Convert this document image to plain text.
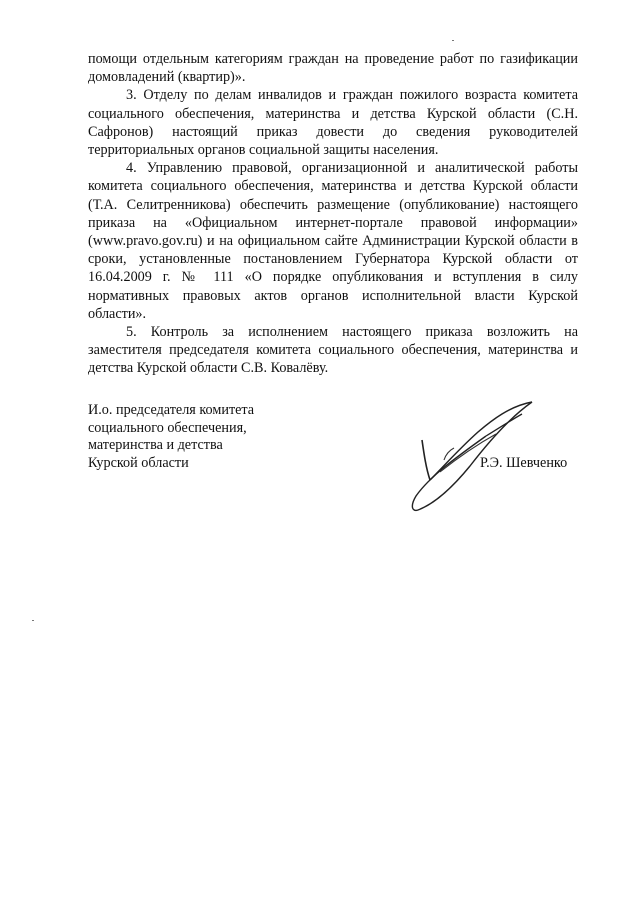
помощи отдельным категориям граждан на проведение работ по газификации домовладений (квартир)».

3. Отделу по делам инвалидов и граждан пожилого возраста комитета социального обеспечения, материнства и детства Курской области (С.Н. Сафронов) настоящий приказ довести до сведения руководителей территориальных органов социальной защиты населения.

4. Управлению правовой, организационной и аналитической работы комитета социального обеспечения, материнства и детства Курской области (Т.А. Селитренникова) обеспечить размещение (опубликование) настоящего приказа на «Официальном интернет-портале правовой информации» (www.pravo.gov.ru) и на официальном сайте Администрации Курской области в сроки, установленные постановлением Губернатора Курской области от 16.04.2009 г. № 111 «О порядке опубликования и вступления в силу нормативных правовых актов органов исполнительной власти Курской области».

5. Контроль за исполнением настоящего приказа возложить на заместителя председателя комитета социального обеспечения, материнства и детства Курской области С.В. Ковалёву.

И.о. председателя комитета
социального обеспечения,
материнства и детства
Курской области	Р.Э. Шевченко
